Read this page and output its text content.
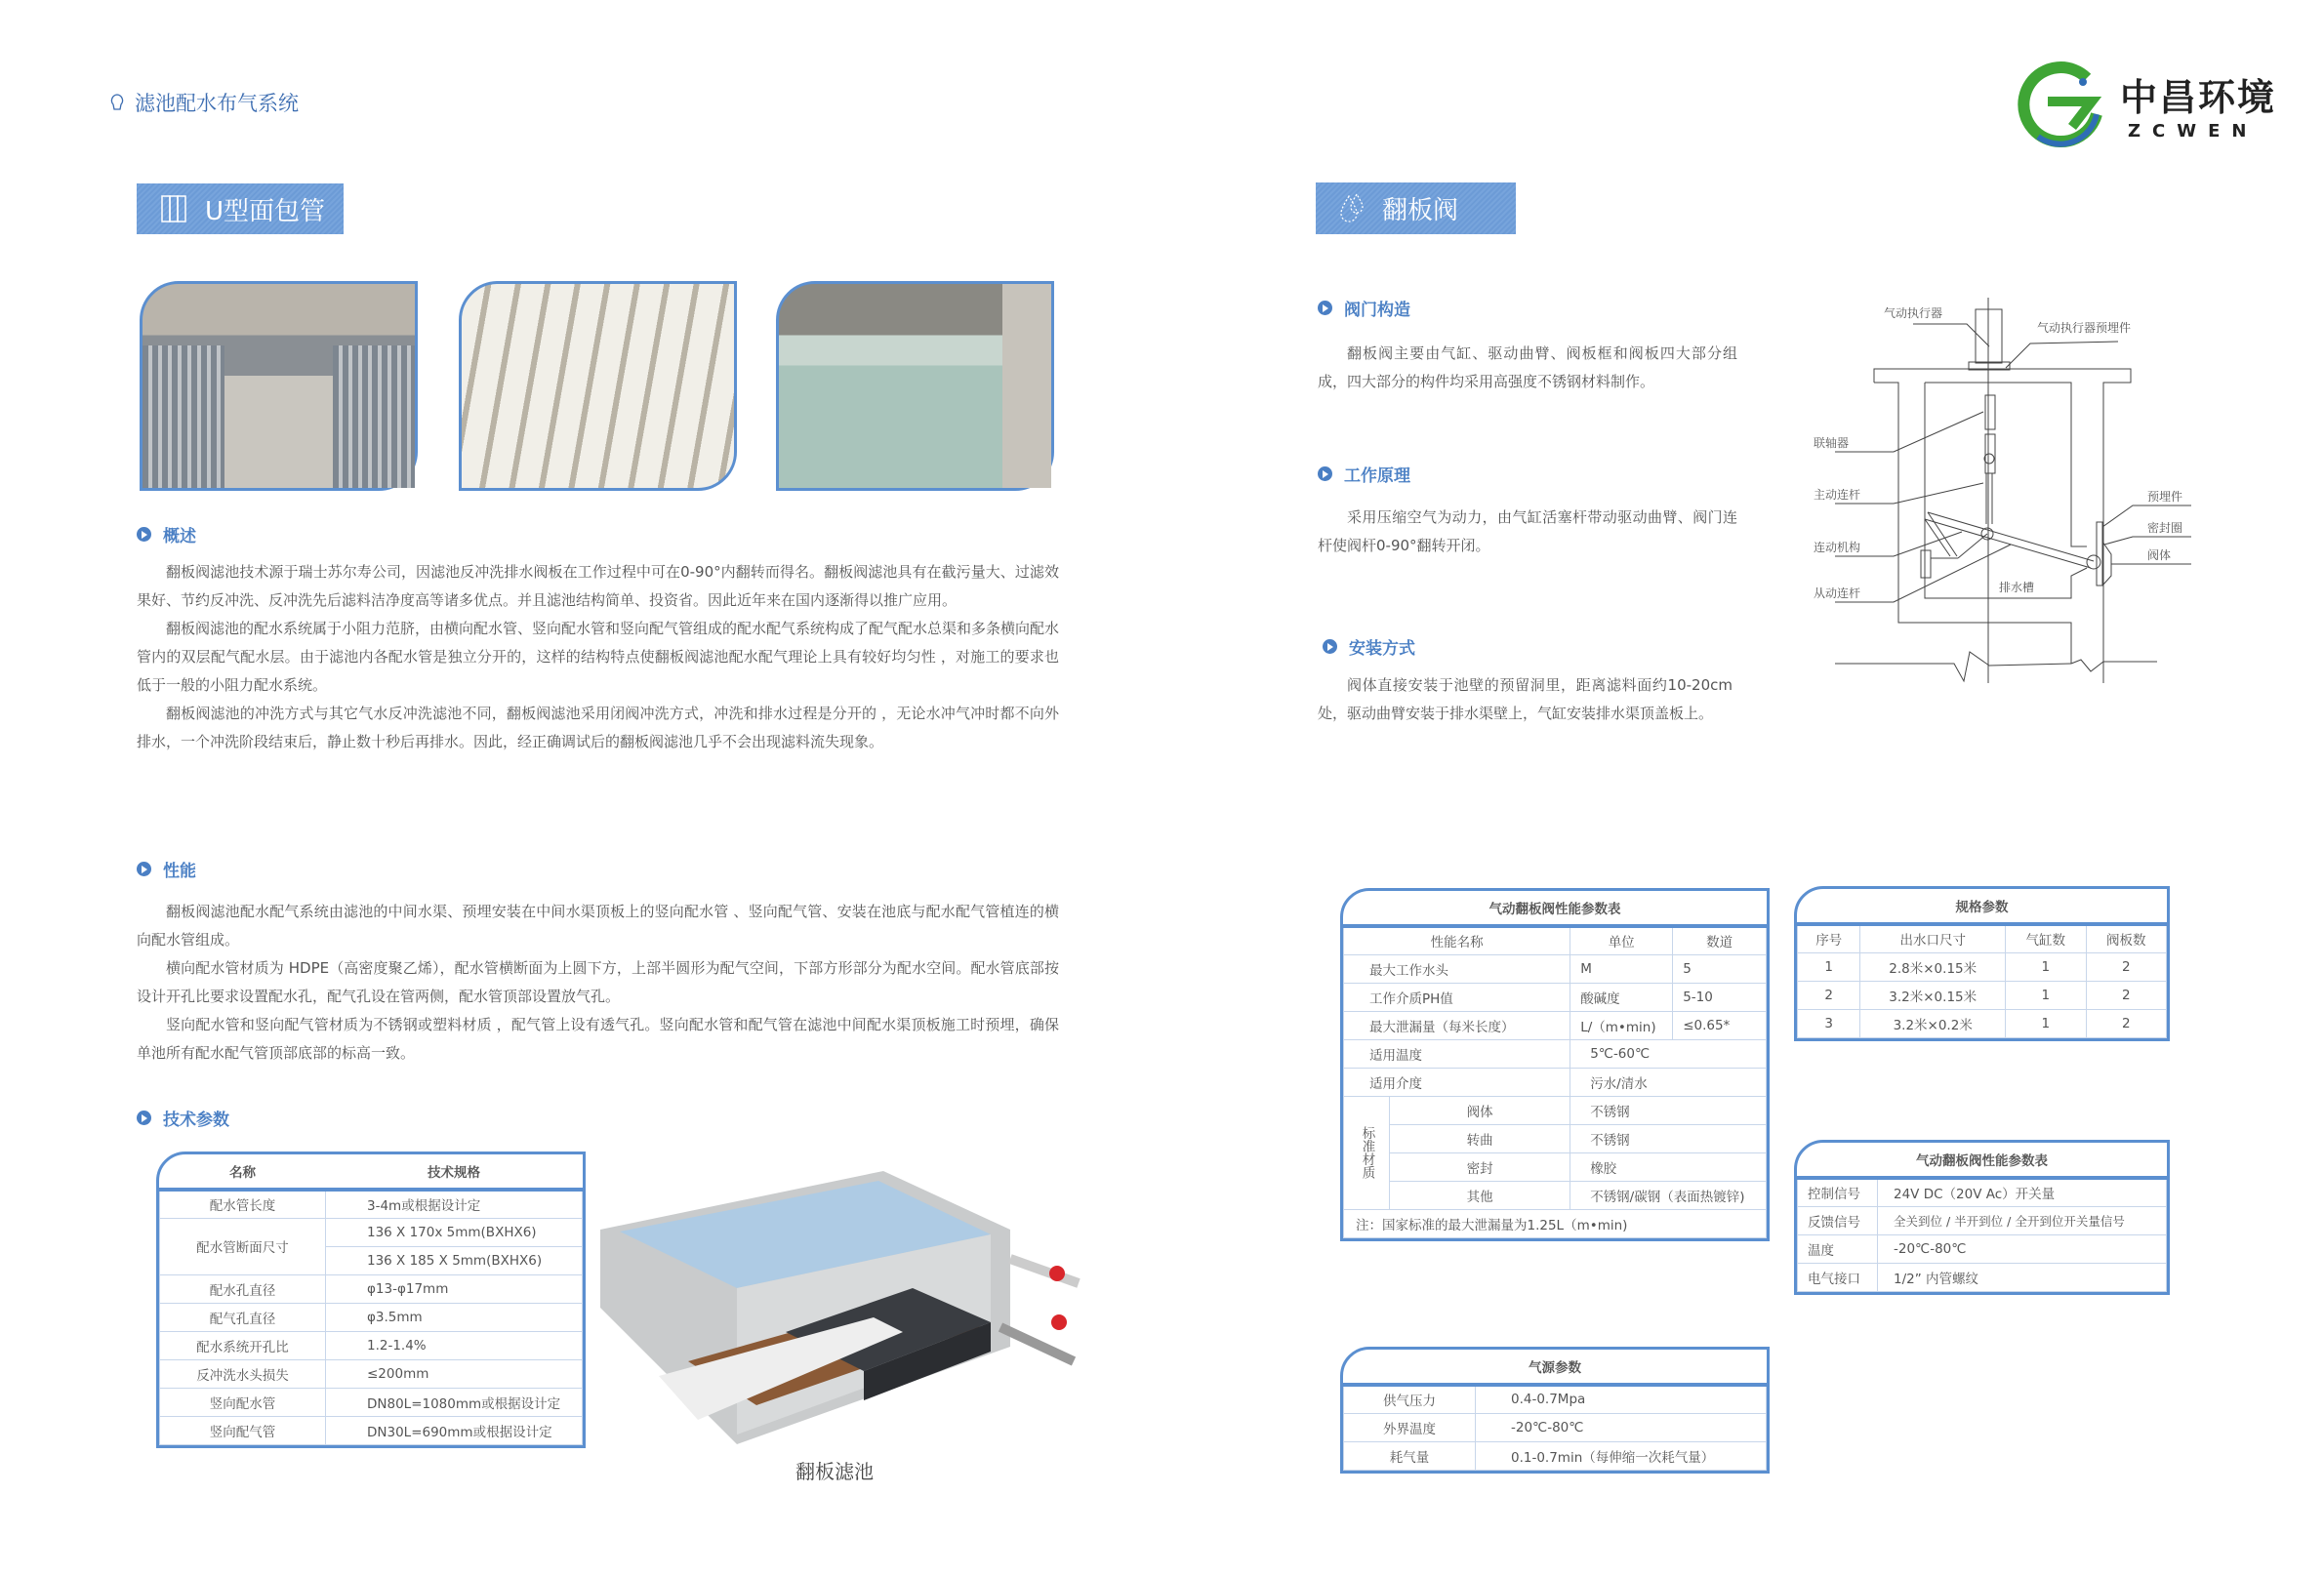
滤池配水布气系统	中昌环境
ZCWEN
U型面包管
概述

翻板阀滤池技术源于瑞士苏尔寿公司，因滤池反冲洗排水阀板在工作过程中可在0-90°内翻转而得名。翻板阀滤池具有在截污量大、过滤效果好、节约反冲洗、反冲洗先后滤料洁净度高等诸多优点。并且滤池结构简单、投资省。因此近年来在国内逐渐得以推广应用。

翻板阀滤池的配水系统属于小阻力范脐，由横向配水管、竖向配水管和竖向配气管组成的配水配气系统构成了配气配水总渠和多条横向配水管内的双层配气配水层。由于滤池内各配水管是独立分开的，这样的结构特点使翻板阀滤池配水配气理论上具有较好均匀性 ，对施工的要求也低于一般的小阻力配水系统。

翻板阀滤池的冲洗方式与其它气水反冲洗滤池不同，翻板阀滤池采用闭阀冲洗方式，冲洗和排水过程是分开的 ，无论水冲气冲时都不向外排水，一个冲洗阶段结束后，静止数十秒后再排水。因此，经正确调试后的翻板阀滤池几乎不会出现滤料流失现象。

性能

翻板阀滤池配水配气系统由滤池的中间水渠、预埋安装在中间水渠顶板上的竖向配水管 、竖向配气管、安装在池底与配水配气管植连的横向配水管组成。

横向配水管材质为 HDPE（高密度聚乙烯），配水管横断面为上圆下方，上部半圆形为配气空间，下部方形部分为配水空间。配水管底部按设计开孔比要求设置配水孔，配气孔设在管两侧，配水管顶部设置放气孔。

竖向配水管和竖向配气管材质为不锈钢或塑料材质 ，配气管上设有透气孔。竖向配水管和配气管在滤池中间配水渠顶板施工时预埋，确保单池所有配水配气管顶部底部的标高一致。

技术参数
名称	技术规格
配水管长度	3-4m或根据设计定
配水管断面尺寸	136 X 170x 5mm(BXHX6)
	136 X 185 X 5mm(BXHX6)
配水孔直径	φ13-φ17mm
配气孔直径	φ3.5mm
配水系统开孔比	1.2-1.4%
反冲洗水头损失	≤200mm
竖向配水管	DN80L=1080mm或根据设计定
竖向配气管	DN30L=690mm或根据设计定
翻板滤池
翻板阀
阀门构造

翻板阀主要由气缸、驱动曲臂、阀板框和阀板四大部分组成，四大部分的构件均采用高强度不锈钢材料制作。

工作原理

采用压缩空气为动力，由气缸活塞杆带动驱动曲臂、阀门连杆使阀杆0-90°翻转开闭。

安装方式

阀体直接安装于池壁的预留洞里，距离滤料面约10-20cm处，驱动曲臂安装于排水渠壁上，气缸安装排水渠顶盖板上。

气动执行器
气动执行器预埋件
联轴器
主动连杆
连动机构
从动连杆	排水槽
预埋件
密封圈
阀体
气动翻板阀性能参数表			
性能名称		单位	数道
最大工作水头		M	5
工作介质PH值		酸碱度	5-10
最大泄漏量（每米长度）		L/（m•min)	≤0.65*
适用温度		5℃-60℃	
适用介度		污水/清水	
标准材质	阀体	不锈钢	
	转曲	不锈钢	
	密封	橡胶	
	其他	不锈钢/碳钢（表面热镀锌)	
注：国家标准的最大泄漏量为1.25L（m•min)			
规格参数			
序号	出水口尺寸	气缸数	阀板数
1	2.8米×0.15米	1	2
2	3.2米×0.15米	1	2
3	3.2米×0.2米	1	2
气动翻板阀性能参数表	
控制信号	24V DC（20V Ac）开关量
反馈信号	全关到位 / 半开到位 / 全开到位开关量信号
温度	-20℃-80℃
电气接口	1/2” 内管螺纹
气源参数	
供气压力	0.4-0.7Mpa
外界温度	-20℃-80℃
耗气量	0.1-0.7min（每伸缩一次耗气量）
